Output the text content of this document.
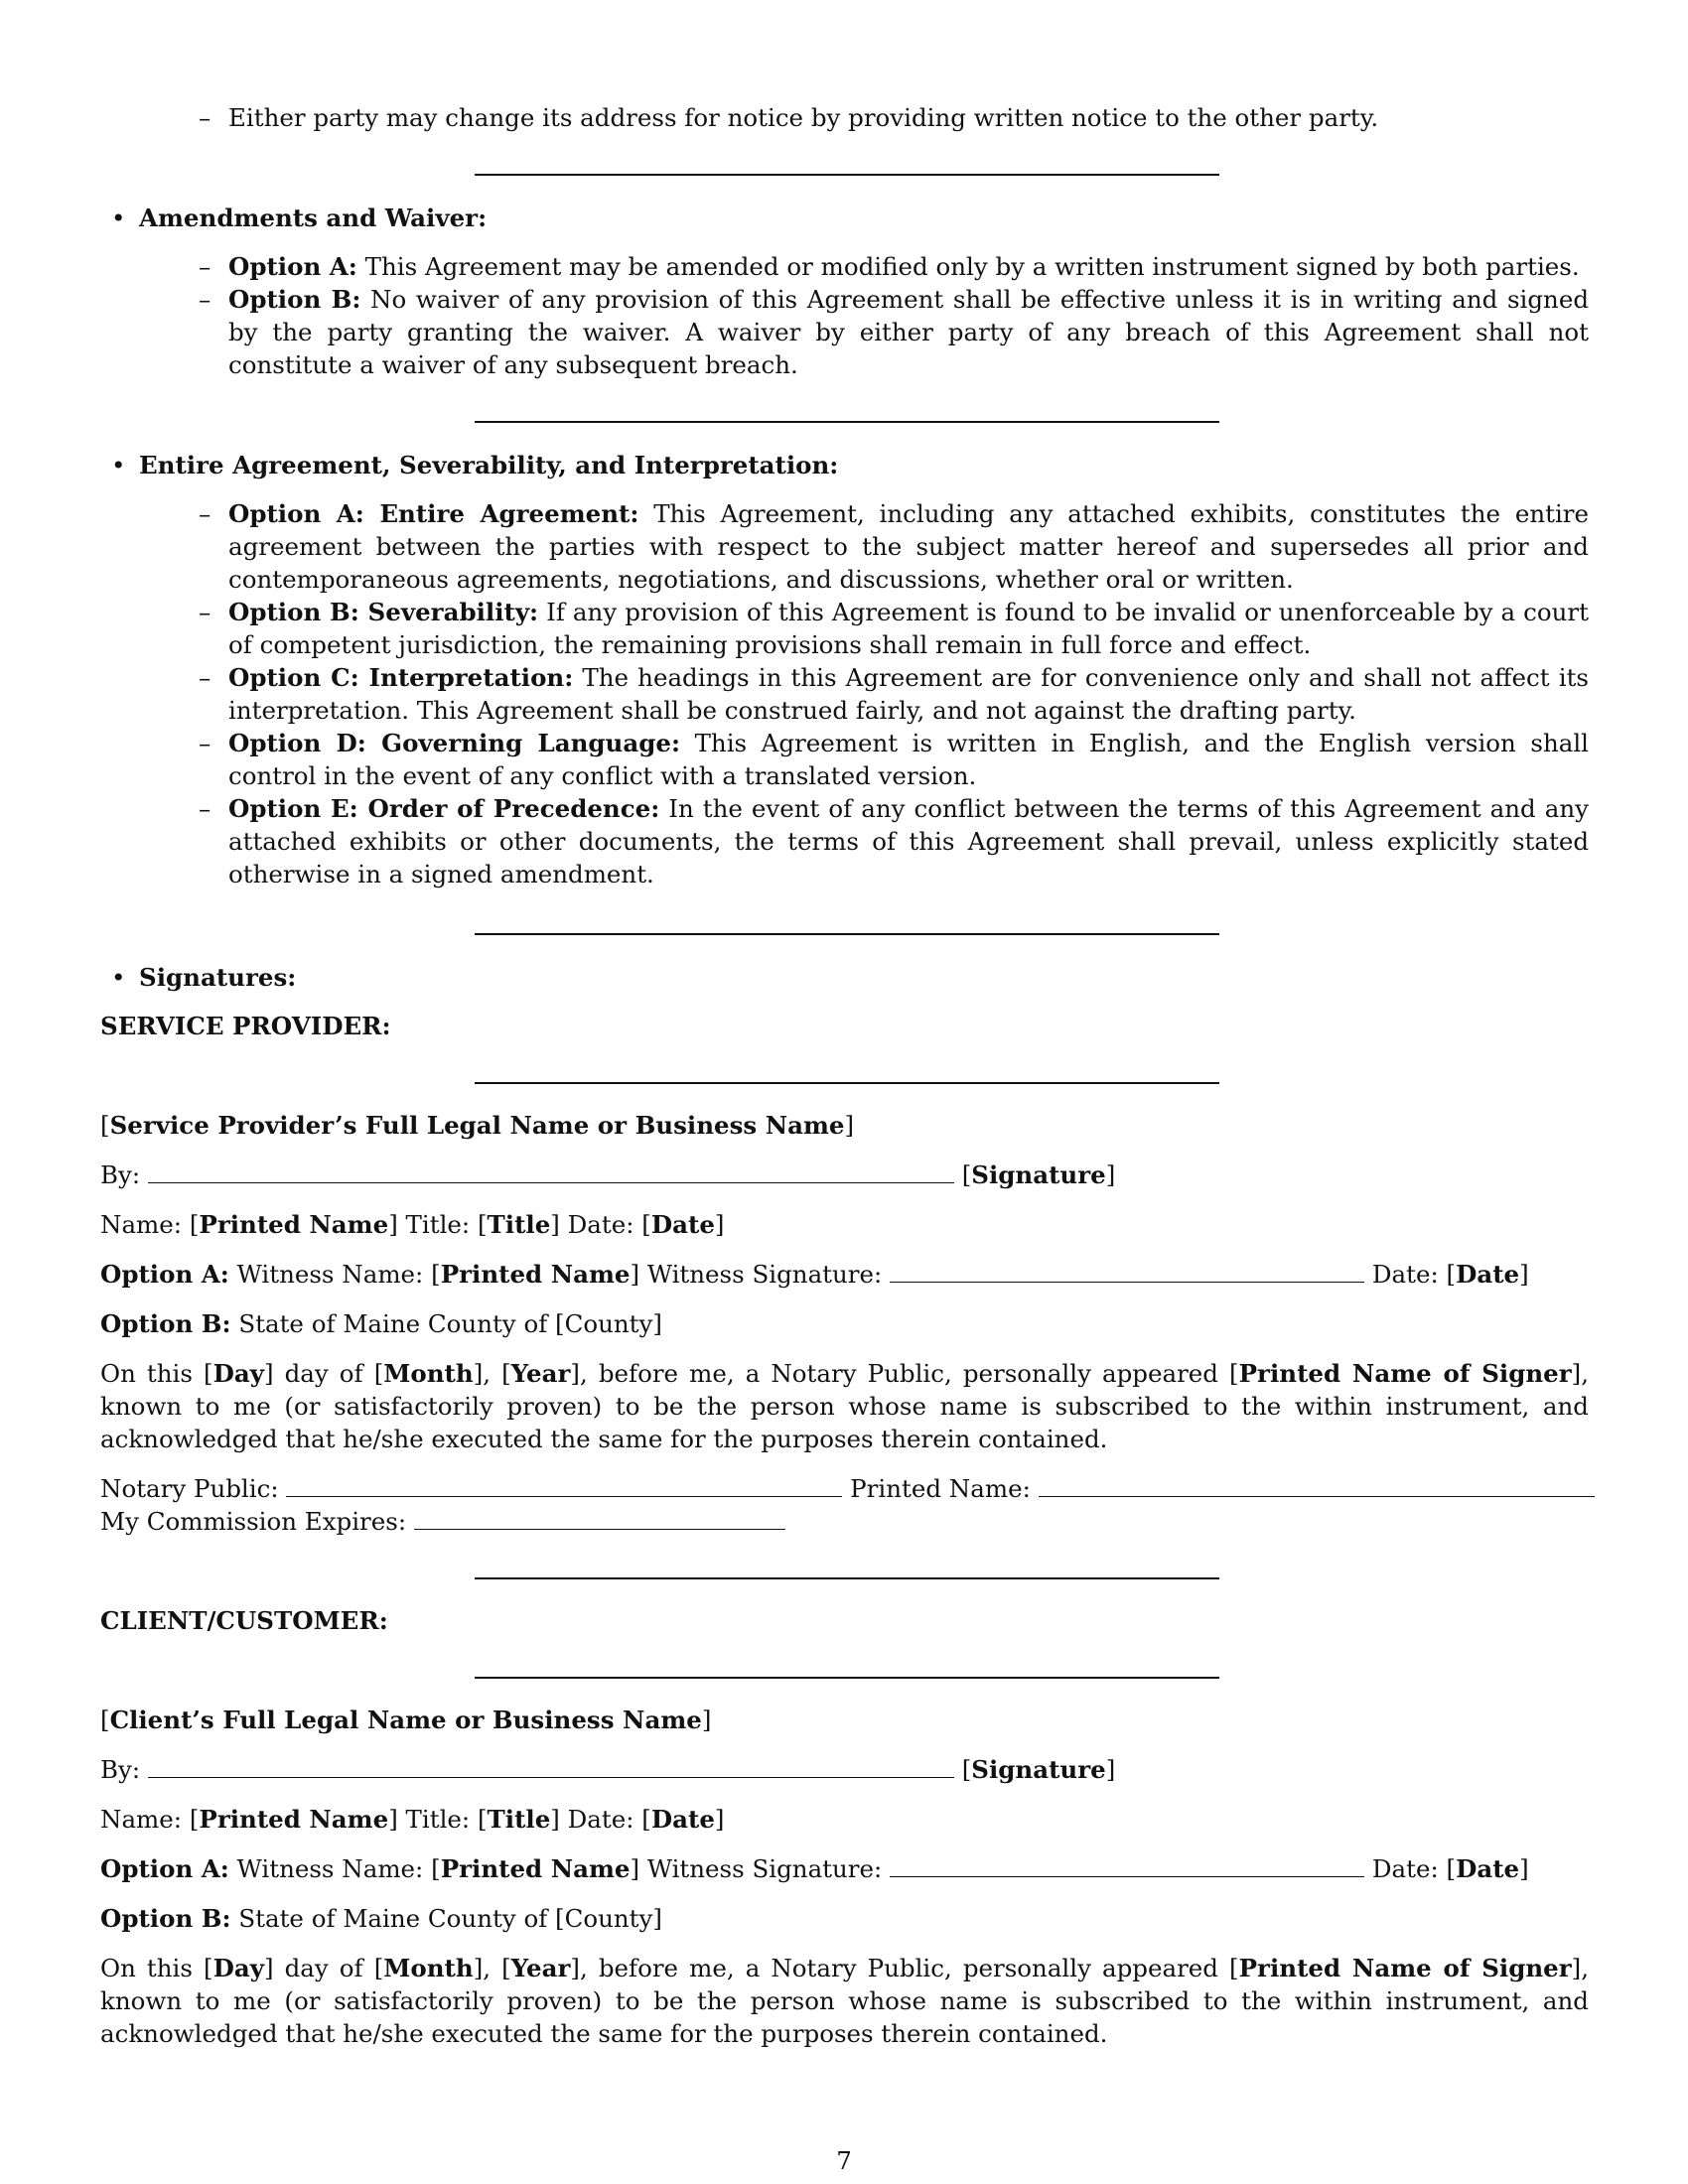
– Either party may change its address for notice by providing written notice to the other party.
• Amendments and Waiver:
– Option A: This Agreement may be amended or modified only by a written instrument signed by both parties.
– Option B: No waiver of any provision of this Agreement shall be effective unless it is in writing and signed by the party granting the waiver. A waiver by either party of any breach of this Agreement shall not constitute a waiver of any subsequent breach.
• Entire Agreement, Severability, and Interpretation:
– Option A: Entire Agreement: This Agreement, including any attached exhibits, constitutes the entire agreement between the parties with respect to the subject matter hereof and supersedes all prior and contemporaneous agreements, negotiations, and discussions, whether oral or written.
– Option B: Severability: If any provision of this Agreement is found to be invalid or unenforceable by a court of competent jurisdiction, the remaining provisions shall remain in full force and effect.
– Option C: Interpretation: The headings in this Agreement are for convenience only and shall not affect its interpretation. This Agreement shall be construed fairly, and not against the drafting party.
– Option D: Governing Language: This Agreement is written in English, and the English version shall control in the event of any conflict with a translated version.
– Option E: Order of Precedence: In the event of any conflict between the terms of this Agreement and any attached exhibits or other documents, the terms of this Agreement shall prevail, unless explicitly stated otherwise in a signed amendment.
• Signatures:
SERVICE PROVIDER:
[Service Provider’s Full Legal Name or Business Name]
By:	[Signature]
Name: [Printed Name] Title: [Title] Date: [Date]
Option A: Witness Name: [Printed Name] Witness Signature:	Date: [Date]
Option B: State of Maine County of [County]
On this [Day] day of [Month], [Year], before me, a Notary Public, personally appeared [Printed Name of Signer], known to me (or satisfactorily proven) to be the person whose name is subscribed to the within instrument, and acknowledged that he/she executed the same for the purposes therein contained.
Notary Public:	Printed Name:
My Commission Expires:
CLIENT/CUSTOMER:
[Client’s Full Legal Name or Business Name]
By:	[Signature]
Name: [Printed Name] Title: [Title] Date: [Date]
Option A: Witness Name: [Printed Name] Witness Signature:	Date: [Date]
Option B: State of Maine County of [County]
On this [Day] day of [Month], [Year], before me, a Notary Public, personally appeared [Printed Name of Signer], known to me (or satisfactorily proven) to be the person whose name is subscribed to the within instrument, and acknowledged that he/she executed the same for the purposes therein contained.
7
